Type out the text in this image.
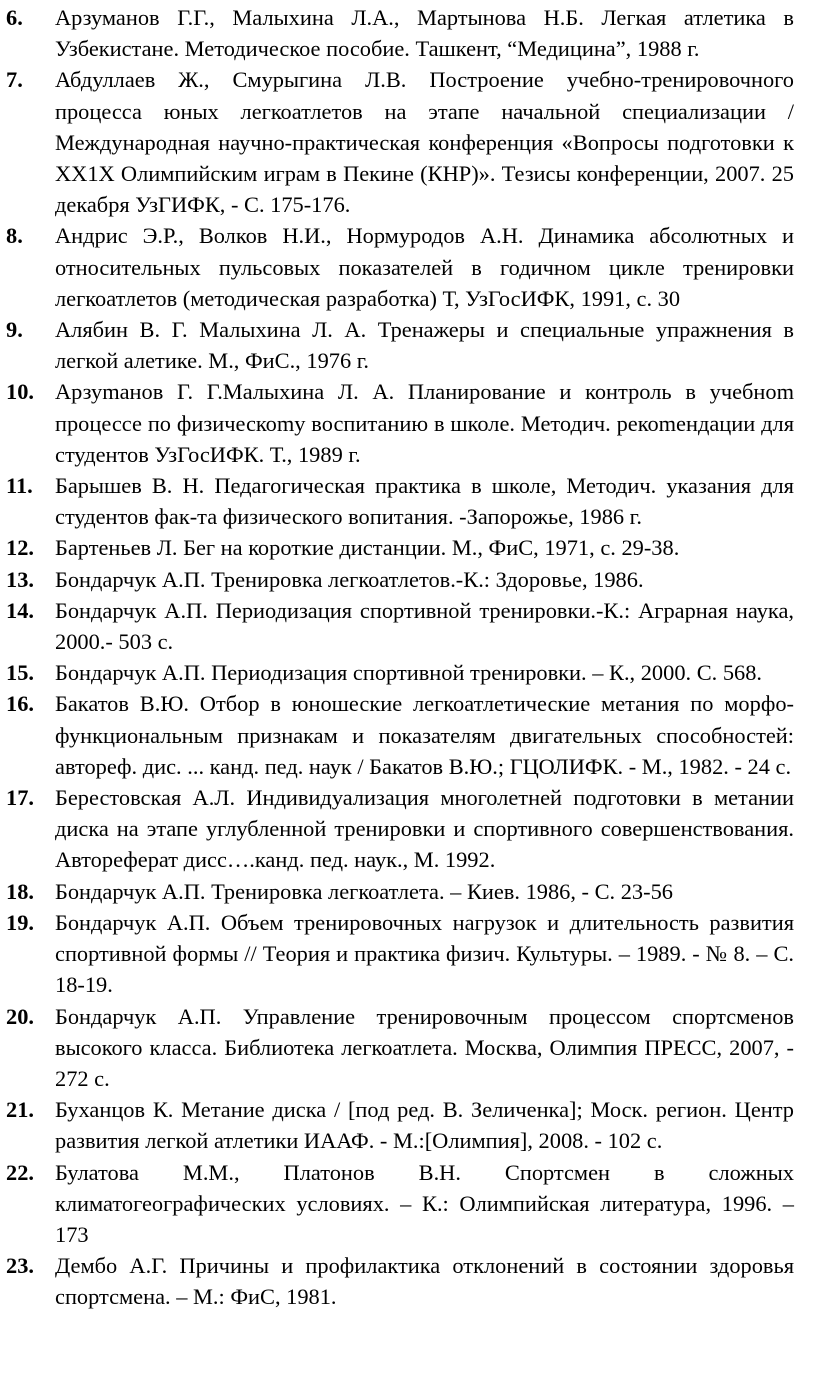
6.	Арзуманов Г.Г., Малыхина Л.А., Мартынова Н.Б. Легкая атлетика в Узбекистане. Методическое пособие. Ташкент, “Медицина”, 1988 г.
7.	Абдуллаев Ж., Смурыгина Л.В. Построение учебно-тренировочного процесса юных легкоатлетов на этапе начальной специализации /Международная научно-практическая конференция «Вопросы подготовки к XX1X Олимпийским играм в Пекине (КНР)». Тезисы конференции, 2007. 25 декабря УзГИФК, - С. 175-176.
8.	Андрис Э.Р., Волков Н.И., Нормуродов А.Н. Динамика абсолютных и относительных пульсовых показателей в годичном цикле тренировки легкоатлетов (методическая разработка) Т, УзГосИФК, 1991, с. 30
9.	Алябин В. Г. Малыхина Л. А. Тренажеры и специальные упражнения в легкой алетике. М., ФиС., 1976 г.
10. Арзуmанов Г. Г.Малыхина Л. А. Планирование и контроль в учебноm процессе по физическоmу воспитанию в школе. Методич. рекоmендации для студентов УзГосИФК. Т., 1989 г.
11. Барышев В. Н. Педагогическая практика в школе, Методич. указания для студентов фак-та физического вопитания. -Запорожье, 1986 г.
12. Бартеньев Л. Бег на короткие дистанции. М., ФиС, 1971, с. 29-38.
13. Бондарчук А.П. Тренировка легкоатлетов.-К.: Здоровье, 1986.
14. Бондарчук А.П. Периодизация спортивной тренировки.-К.: Аграрная наука, 2000.- 503 с.
15. Бондарчук А.П. Периодизация спортивной тренировки. – К., 2000. С. 568.
16. Бакатов В.Ю. Отбор в юношеские легкоатлетические метания по морфо-функциональным признакам и показателям двигательных способностей: автореф. дис. ... канд. пед. наук / Бакатов В.Ю.; ГЦОЛИФК. - М., 1982. - 24 с.
17. Берестовская А.Л. Индивидуализация многолетней подготовки в метании диска на этапе углубленной тренировки и спортивного совершенствования. Автореферат дисс….канд. пед. наук., М. 1992.
18. Бондарчук А.П. Тренировка легкоатлета. – Киев. 1986, - С. 23-56
19. Бондарчук А.П. Объем тренировочных нагрузок и длительность развития спортивной формы // Теория и практика физич. Культуры. – 1989. - № 8. – С. 18-19.
20. Бондарчук А.П. Управление тренировочным процессом спортсменов высокого класса. Библиотека легкоатлета. Москва, Олимпия ПРЕСС, 2007, - 272 с.
21. Буханцов К. Метание диска / [под ред. В. Зеличенка]; Моск. регион. Центр развития легкой атлетики ИААФ. - М.:[Олимпия], 2008. - 102 с.
22. Булатова М.М., Платонов В.Н. Спортсмен в сложных климатогеографических условиях. – К.: Олимпийская литература, 1996. – 173
23. Дембо А.Г. Причины и профилактика отклонений в состоянии здоровья спортсмена. – М.: ФиС, 1981.
